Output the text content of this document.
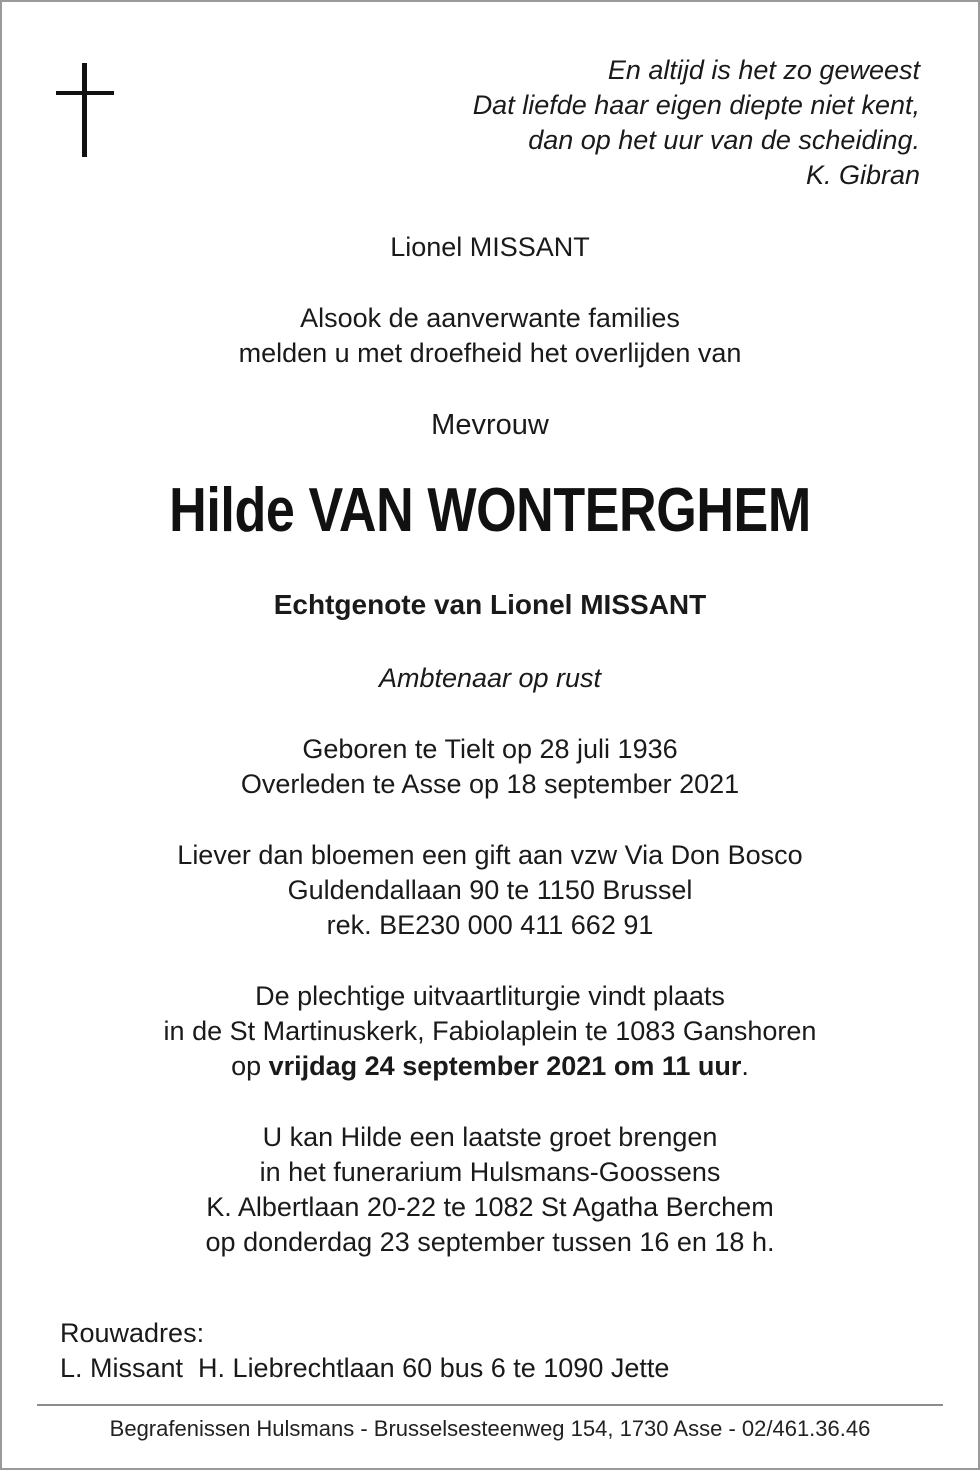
En altijd is het zo geweest
Dat liefde haar eigen diepte niet kent,
dan op het uur van de scheiding.
K. Gibran
Lionel MISSANT
Alsook de aanverwante families
melden u met droefheid het overlijden van
Mevrouw
Hilde VAN WONTERGHEM
Echtgenote van Lionel MISSANT
Ambtenaar op rust
Geboren te Tielt op 28 juli 1936
Overleden te Asse op 18 september 2021
Liever dan bloemen een gift aan vzw Via Don Bosco
Guldendallaan 90 te 1150 Brussel
rek. BE230 000 411 662 91
De plechtige uitvaartliturgie vindt plaats
in de St Martinuskerk, Fabiolaplein te 1083 Ganshoren
op vrijdag 24 september 2021 om 11 uur.
U kan Hilde een laatste groet brengen
in het funerarium Hulsmans-Goossens
K. Albertlaan 20-22 te 1082 St Agatha Berchem
op donderdag 23 september tussen 16 en 18 h.
Rouwadres:
L. Missant  H. Liebrechtlaan 60 bus 6 te 1090 Jette
Begrafenissen Hulsmans - Brusselsesteenweg 154, 1730 Asse - 02/461.36.46
